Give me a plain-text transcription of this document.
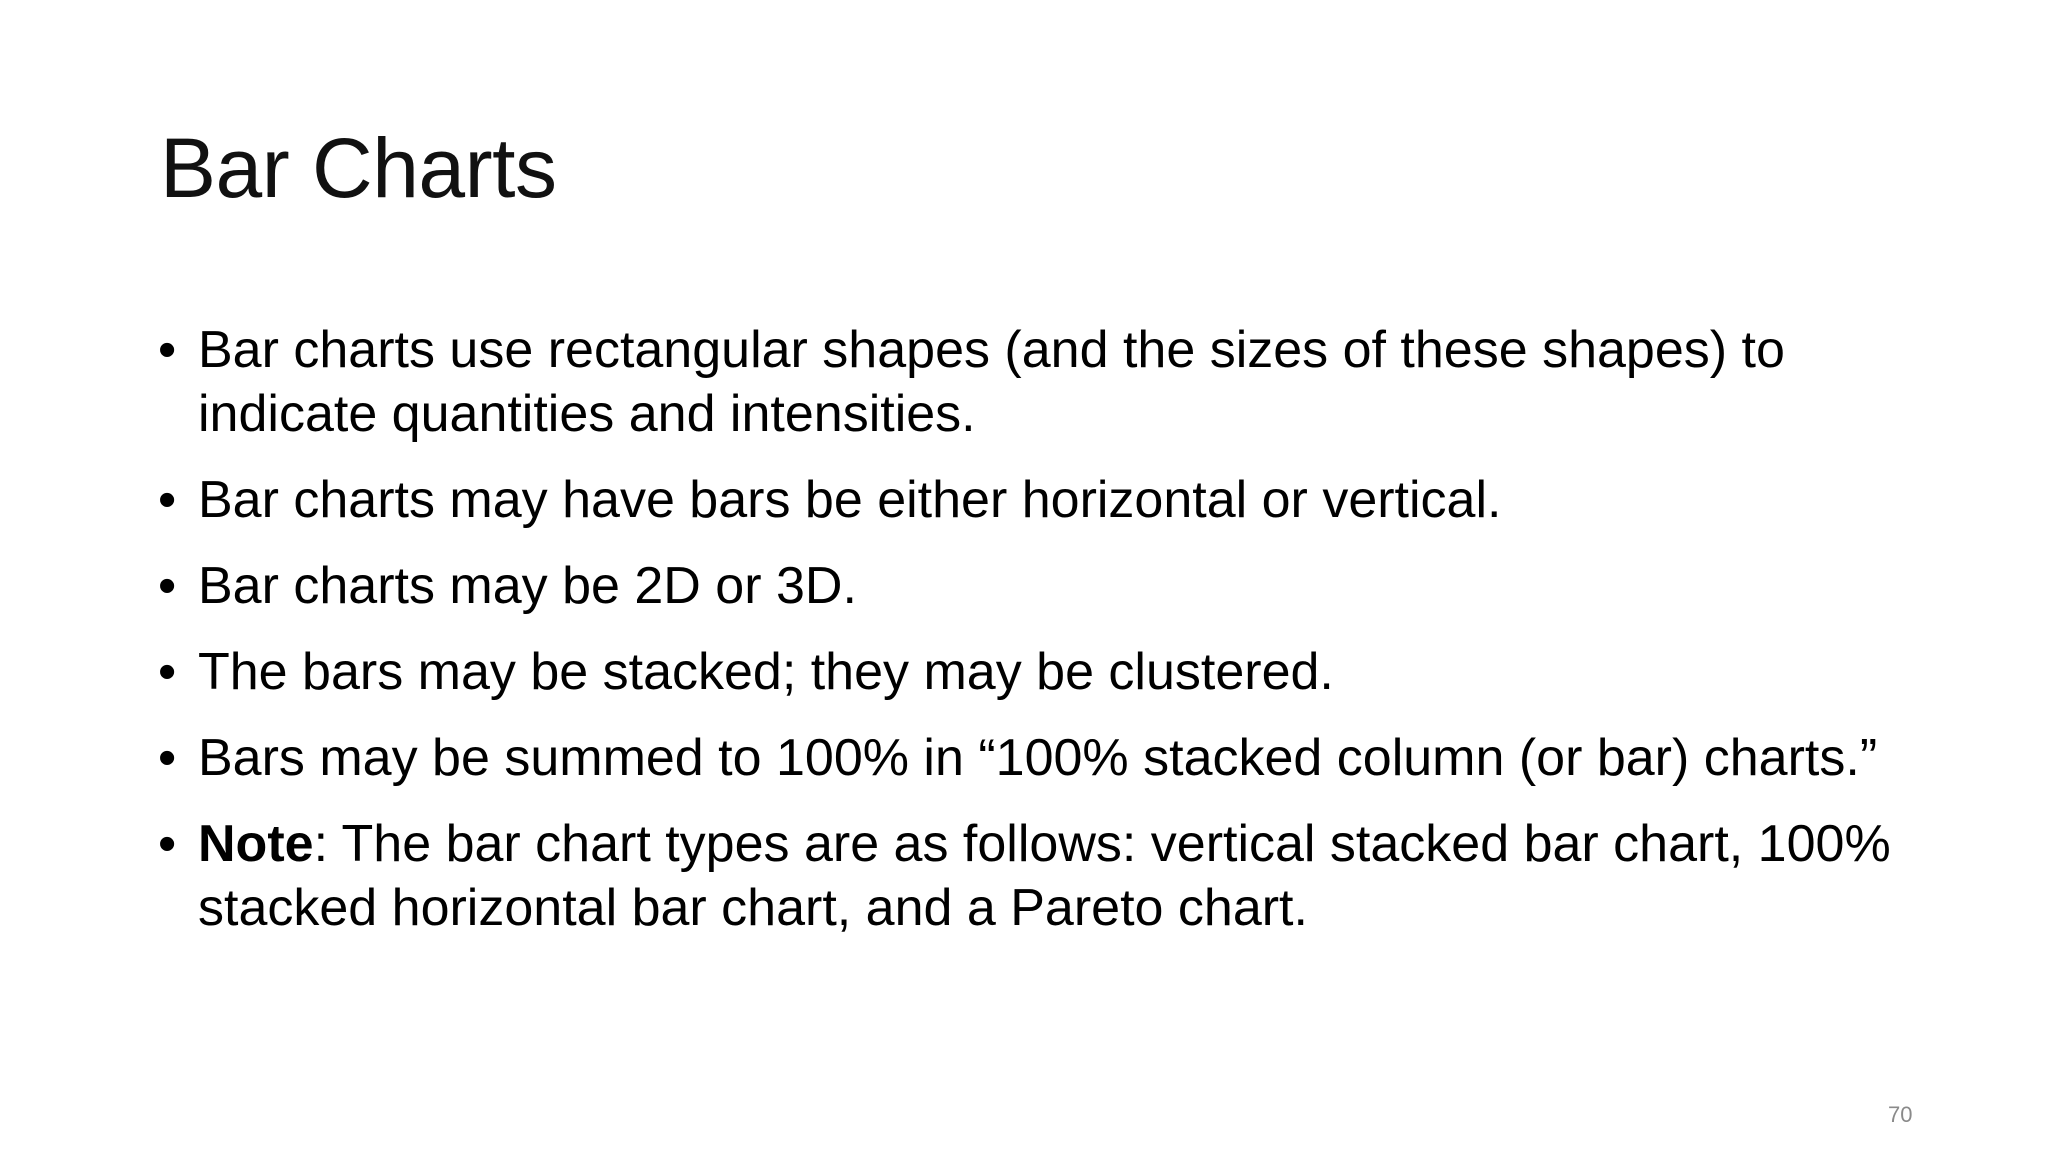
Bar Charts
• Bar charts use rectangular shapes (and the sizes of these shapes) to indicate quantities and intensities.
• Bar charts may have bars be either horizontal or vertical.
• Bar charts may be 2D or 3D.
• The bars may be stacked; they may be clustered.
• Bars may be summed to 100% in “100% stacked column (or bar) charts.”
• Note: The bar chart types are as follows: vertical stacked bar chart, 100% stacked horizontal bar chart, and a Pareto chart.
70
